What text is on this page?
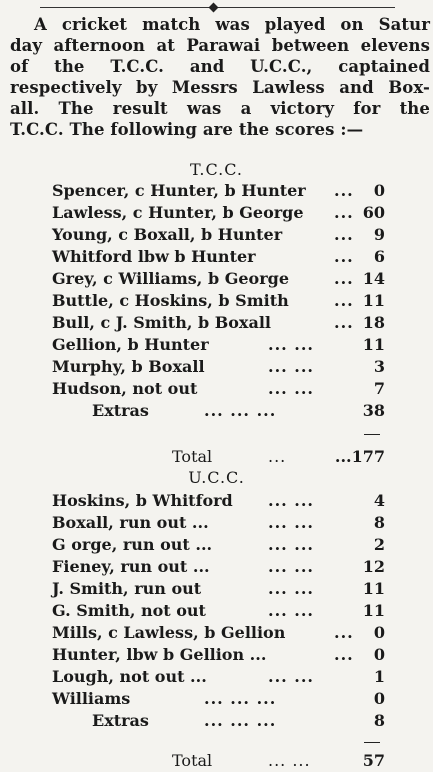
A cricket match was played on Satur
day afternoon at Parawai between elevens
of the T.C.C. and U.C.C., captained
respectively by Messrs Lawless and Box-
all. The result was a victory for the
T.C.C. The following are the scores :—
T.C.C.
Spencer, c Hunter, b Hunter ... 0
Lawless, c Hunter, b George ... 60
Young, c Boxall, b Hunter	... 9
Whitford lbw b Hunter	... 6
Grey, c Williams, b George	... 14
Buttle, c Hoskins, b Smith	... 11
Bull, c J. Smith, b Boxall	... 18
Gellion, b Hunter	... ...	11
Murphy, b Boxall	... ...	3
Hudson, not out	... ...	7
Extras	... ... ...	38
Total	...	...177
U.C.C.
Hoskins, b Whitford ... ...	4
Boxall, run out ...	... ...	8
G orge, run out ...	... ...	2
Fieney, run out ...	... ...	12
J. Smith, run out	... ...	11
G. Smith, not out	... ...	11
Mills, c Lawless, b Gellion	... 0
Hunter, lbw b Gellion ...	... 0
Lough, not out ...	... ...	1
Williams	... ... ...	0
Extras	... ... ...	8
Total	... ...	57
